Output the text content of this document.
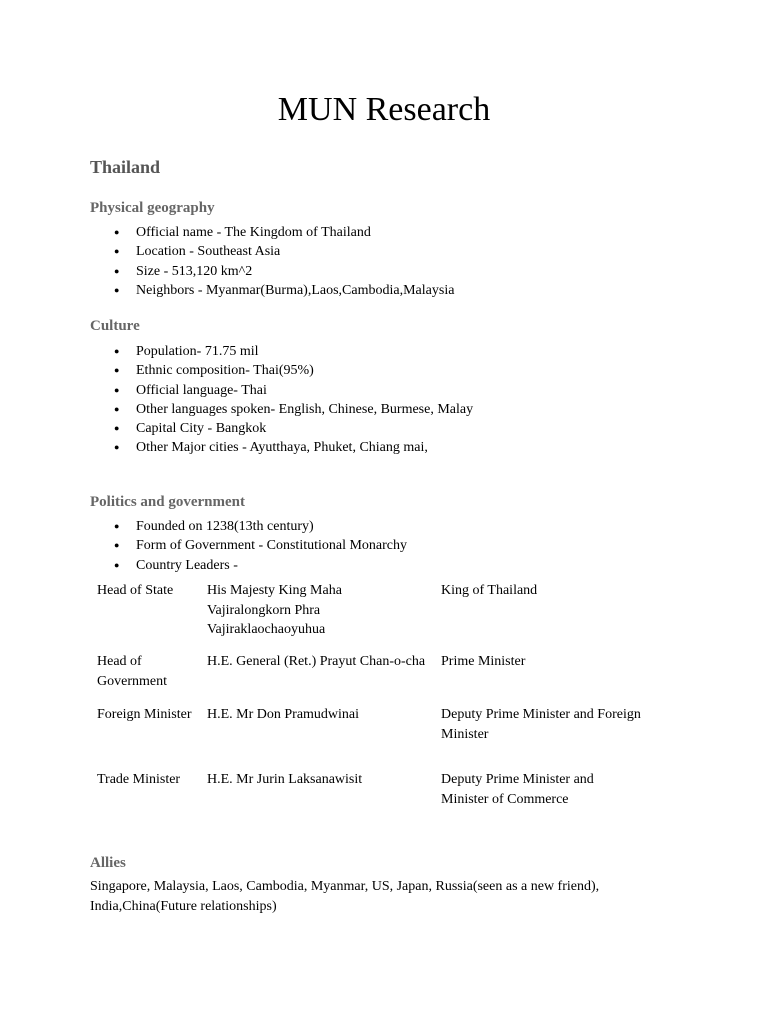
MUN Research
Thailand
Physical geography
● Official name - The Kingdom of Thailand
● Location - Southeast Asia
● Size - 513,120 km^2
● Neighbors - Myanmar(Burma),Laos,Cambodia,Malaysia
Culture
● Population- 71.75 mil
● Ethnic composition- Thai(95%)
● Official language- Thai
● Other languages spoken- English, Chinese, Burmese, Malay
● Capital City - Bangkok
● Other Major cities - Ayutthaya, Phuket, Chiang mai,
Politics and government
● Founded on 1238(13th century)
● Form of Government - Constitutional Monarchy
● Country Leaders -
Head of State	His Majesty King Maha Vajiralongkorn Phra Vajiraklaochaoyuhua	King of Thailand
Head of Government	H.E. General (Ret.) Prayut Chan-o-cha	Prime Minister
Foreign Minister	H.E. Mr Don Pramudwinai	Deputy Prime Minister and Foreign Minister
Trade Minister	H.E. Mr Jurin Laksanawisit	Deputy Prime Minister and Minister of Commerce
Allies

Singapore, Malaysia, Laos, Cambodia, Myanmar, US, Japan, Russia(seen as a new friend), India,China(Future relationships)
